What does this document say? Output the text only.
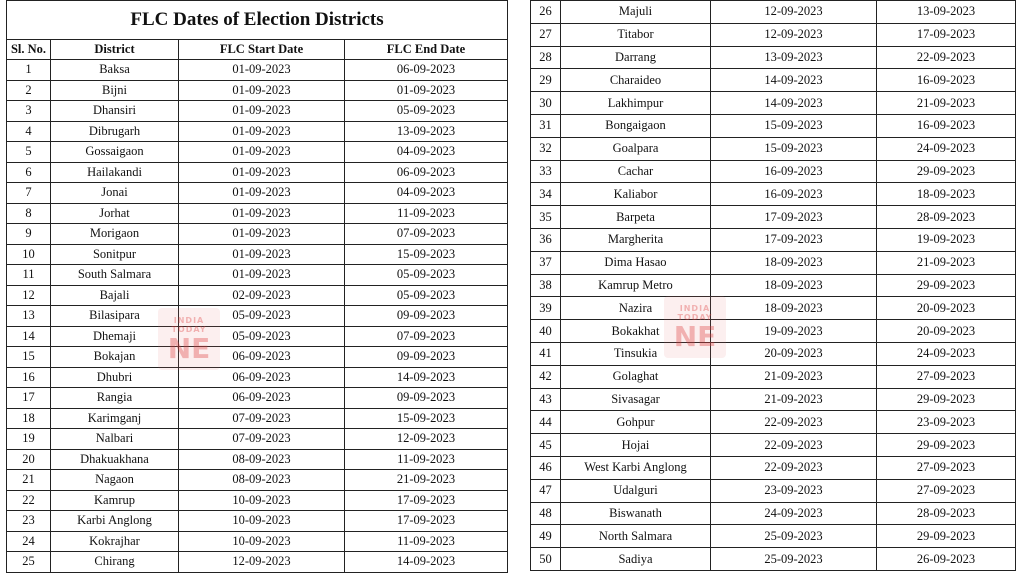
FLC Dates of Election Districts
Sl. No.	District	FLC Start Date	FLC End Date
1	Baksa	01-09-2023	06-09-2023
2	Bijni	01-09-2023	01-09-2023
3	Dhansiri	01-09-2023	05-09-2023
4	Dibrugarh	01-09-2023	13-09-2023
5	Gossaigaon	01-09-2023	04-09-2023
6	Hailakandi	01-09-2023	06-09-2023
7	Jonai	01-09-2023	04-09-2023
8	Jorhat	01-09-2023	11-09-2023
9	Morigaon	01-09-2023	07-09-2023
10	Sonitpur	01-09-2023	15-09-2023
11	South Salmara	01-09-2023	05-09-2023
12	Bajali	02-09-2023	05-09-2023
13	Bilasipara	05-09-2023	09-09-2023
14	Dhemaji	05-09-2023	07-09-2023
15	Bokajan	06-09-2023	09-09-2023
16	Dhubri	06-09-2023	14-09-2023
17	Rangia	06-09-2023	09-09-2023
18	Karimganj	07-09-2023	15-09-2023
19	Nalbari	07-09-2023	12-09-2023
20	Dhakuakhana	08-09-2023	11-09-2023
21	Nagaon	08-09-2023	21-09-2023
22	Kamrup	10-09-2023	17-09-2023
23	Karbi Anglong	10-09-2023	17-09-2023
24	Kokrajhar	10-09-2023	11-09-2023
25	Chirang	12-09-2023	14-09-2023
INDIA
TODAY
NE
26	Majuli	12-09-2023	13-09-2023
27	Titabor	12-09-2023	17-09-2023
28	Darrang	13-09-2023	22-09-2023
29	Charaideo	14-09-2023	16-09-2023
30	Lakhimpur	14-09-2023	21-09-2023
31	Bongaigaon	15-09-2023	16-09-2023
32	Goalpara	15-09-2023	24-09-2023
33	Cachar	16-09-2023	29-09-2023
34	Kaliabor	16-09-2023	18-09-2023
35	Barpeta	17-09-2023	28-09-2023
36	Margherita	17-09-2023	19-09-2023
37	Dima Hasao	18-09-2023	21-09-2023
38	Kamrup Metro	18-09-2023	29-09-2023
39	Nazira	18-09-2023	20-09-2023
40	Bokakhat	19-09-2023	20-09-2023
41	Tinsukia	20-09-2023	24-09-2023
42	Golaghat	21-09-2023	27-09-2023
43	Sivasagar	21-09-2023	29-09-2023
44	Gohpur	22-09-2023	23-09-2023
45	Hojai	22-09-2023	29-09-2023
46	West Karbi Anglong	22-09-2023	27-09-2023
47	Udalguri	23-09-2023	27-09-2023
48	Biswanath	24-09-2023	28-09-2023
49	North Salmara	25-09-2023	29-09-2023
50	Sadiya	25-09-2023	26-09-2023
INDIA
TODAY
NE
